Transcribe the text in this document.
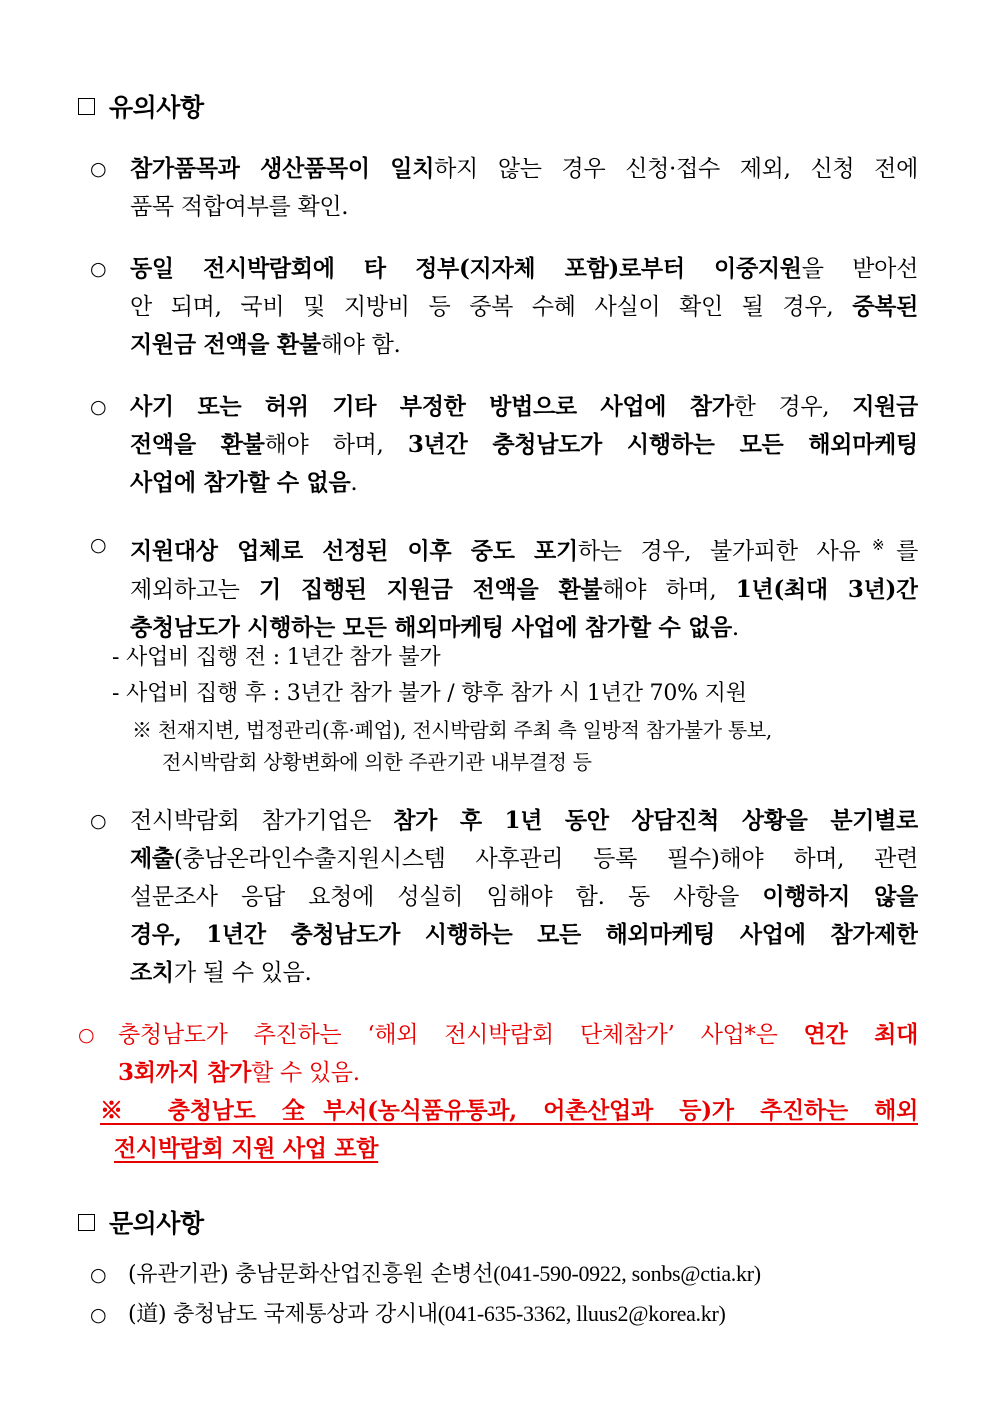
유의사항
○	참가품목과 생산품목이 일치하지 않는 경우 신청·접수 제외, 신청 전에
품목 적합여부를 확인.
○	동일 전시박람회에 타 정부(지자체 포함)로부터 이중지원을 받아선
안 되며, 국비 및 지방비 등 중복 수혜 사실이 확인 될 경우, 중복된
지원금 전액을 환불해야 함.
○	사기 또는 허위 기타 부정한 방법으로 사업에 참가한 경우, 지원금
전액을 환불해야 하며, 3년간 충청남도가 시행하는 모든 해외마케팅
사업에 참가할 수 없음.
○	지원대상 업체로 선정된 이후 중도 포기하는 경우, 불가피한 사유※를
제외하고는 기 집행된 지원금 전액을 환불해야 하며, 1년(최대 3년)간
충청남도가 시행하는 모든 해외마케팅 사업에 참가할 수 없음.
- 사업비 집행 전 : 1년간 참가 불가
- 사업비 집행 후 : 3년간 참가 불가 / 향후 참가 시 1년간 70% 지원
※ 천재지변, 법정관리(휴·폐업), 전시박람회 주최 측 일방적 참가불가 통보,
전시박람회 상황변화에 의한 주관기관 내부결정 등
○	전시박람회 참가기업은 참가 후 1년 동안 상담진척 상황을 분기별로
제출(충남온라인수출지원시스템 사후관리 등록 필수)해야 하며, 관련
설문조사 응답 요청에 성실히 임해야 함. 동 사항을 이행하지 않을
경우, 1년간 충청남도가 시행하는 모든 해외마케팅 사업에 참가제한
조치가 될 수 있음.
○	충청남도가 추진하는 ‘해외 전시박람회 단체참가’ 사업*은 연간 최대
3회까지 참가할 수 있음.
※ 충청남도 全부서(농식품유통과, 어촌산업과 등)가 추진하는 해외
전시박람회 지원 사업 포함
문의사항
○ (유관기관) 충남문화산업진흥원 손병선(041-590-0922, sonbs@ctia.kr)
○ (道) 충청남도 국제통상과 강시내(041-635-3362, lluus2@korea.kr)
